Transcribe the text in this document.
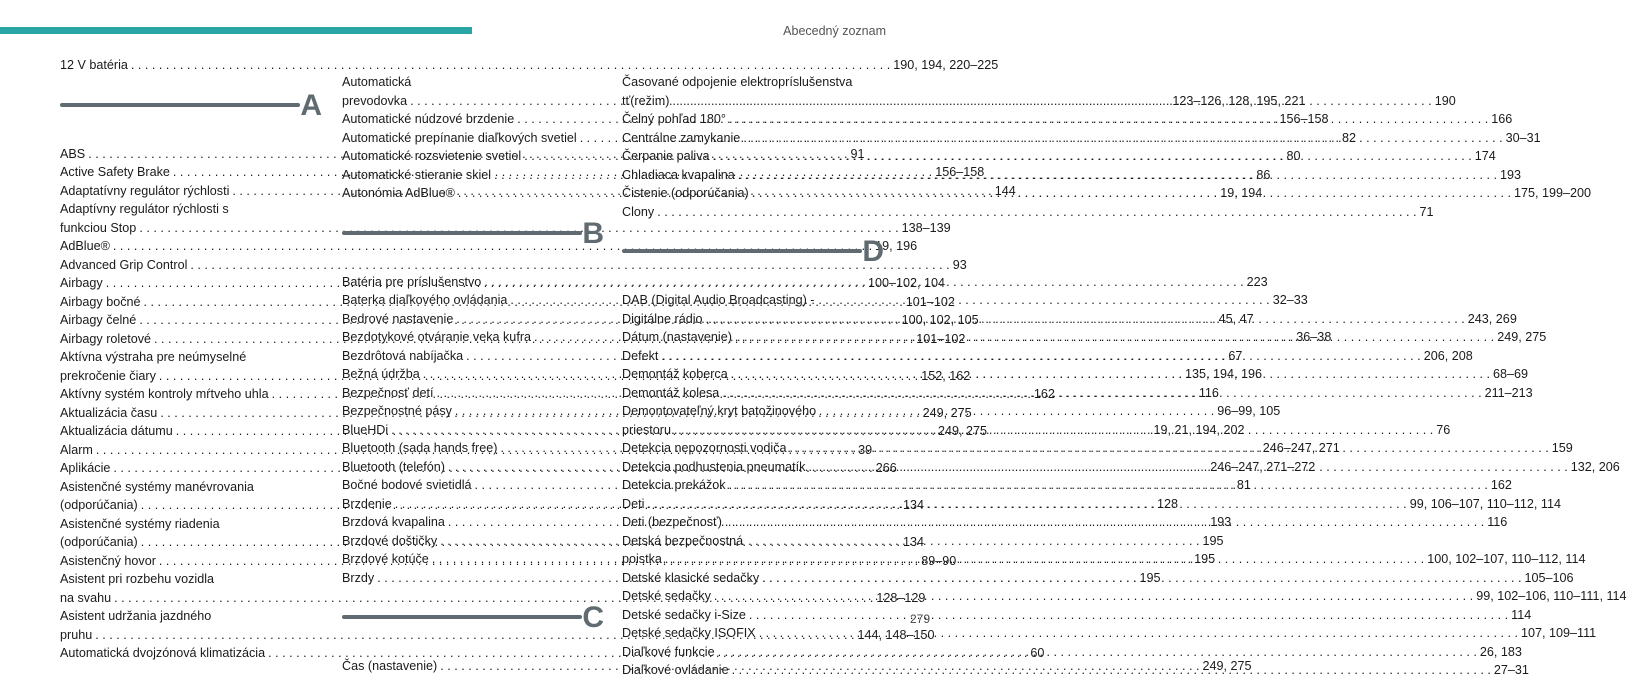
Abecedný zoznam
12 V batéria . . .	190, 194, 220–225
A
ABS . . .	91
Active Safety Brake . . .	156–158
Adaptatívny regulátor rýchlosti . . .	144
Adaptívny regulátor rýchlosti s
funkciou Stop . . .	138–139
AdBlue® . . .	19, 196
Advanced Grip Control . . .	93
Airbagy . . .	100–102, 104
Airbagy bočné . . .	101–102
Airbagy čelné . . .	100, 102, 105
Airbagy roletové . . .	101–102
Aktívna výstraha pre neúmyselné
prekročenie čiary . . .	152, 162
Aktívny systém kontroly mŕtveho uhla . . .	162
Aktualizácia času . . .	249, 275
Aktualizácia dátumu . . .	249, 275
Alarm . . .	39
Aplikácie . . .	266
Asistenčné systémy manévrovania
(odporúčania) . . .	134
Asistenčné systémy riadenia
(odporúčania) . . .	134
Asistenčný hovor . . .	89–90
Asistent pri rozbehu vozidla
na svahu . . .	128–129
Asistent udržania jazdného
pruhu . . .	144, 148–150
Automatická dvojzónová klimatizácia . . .	60
Automatická
prevodovka . . .	123–126, 128, 195, 221
Automatické núdzové brzdenie . . .	156–158
Automatické prepínanie diaľkových svetiel . . .	82
Automatické rozsvietenie svetiel . . .	80
Automatické stieranie skiel . . .	86
Autonómia AdBlue® . . .	19, 194
B
Batéria pre príslušenstvo . . .	223
Baterka diaľkového ovládania . . .	32–33
Bedrové nastavenie . . .	45, 47
Bezdotykové otváranie veka kufra . . .	36–38
Bezdrôtová nabíjačka . . .	67
Bežná údržba . . .	135, 194, 196
Bezpečnosť detí . . .	116
Bezpečnostné pásy . . .	96–99, 105
BlueHDi . . .	19, 21, 194, 202
Bluetooth (sada hands free) . . .	246–247, 271
Bluetooth (telefón) . . .	246–247, 271–272
Bočné bodové svietidlá . . .	81
Brzdenie . . .	128
Brzdová kvapalina . . .	193
Brzdové doštičky . . .	195
Brzdové kotúče . . .	195
Brzdy . . .	195
C
Čas (nastavenie) . . .	249, 275
Časované odpojenie elektropríslušenstva
tť(režim) . . .	190
Čelný pohľad 180° . . .	166
Centrálne zamykanie . . .	30–31
Čerpanie paliva . . .	174
Chladiaca kvapalina . . .	193
Čistenie (odporúčania) . . .	175, 199–200
Clony . . .	71
D
DAB (Digital Audio Broadcasting) -
Digitálne rádio . . .	243, 269
Dátum (nastavenie) . . .	249, 275
Defekt . . .	206, 208
Demontáž koberca . . .	68–69
Demontáž kolesa . . .	211–213
Demontovateľný kryt batožinového
priestoru . . .	76
Detekcia nepozornosti vodiča . . .	159
Detekcia podhustenia pneumatík . . .	132, 206
Detekcia prekážok . . .	162
Deti . . .	99, 106–107, 110–112, 114
Deti (bezpečnosť) . . .	116
Detská bezpečnostná
poistka . . .	100, 102–107, 110–112, 114
Detské klasické sedačky . . .	105–106
Detské sedačky . . .	99, 102–106, 110–111, 114
Detské sedačky i-Size . . .	114
Detské sedačky ISOFIX . . .	107, 109–111
Diaľkové funkcie . . .	26, 183
Diaľkové ovládanie . . .	27–31
279
